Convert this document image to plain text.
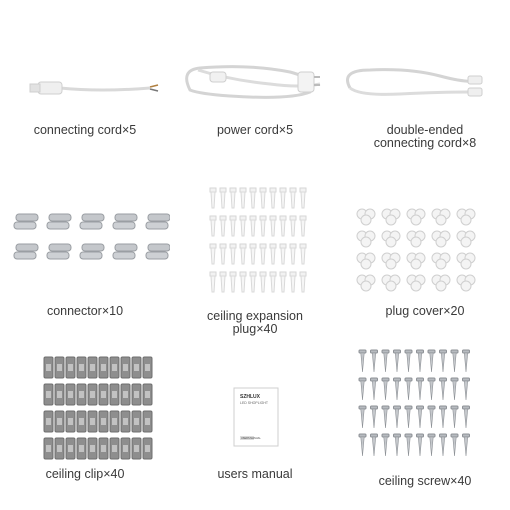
connecting cord×5	power cord×5	double-ended
connecting cord×8
connector×10	ceiling expansion
plug×40
plug cover×20
ceiling clip×40
SZHLUX
LED SHOPLIGHT
USERS MANUAL
users manual	ceiling screw×40
